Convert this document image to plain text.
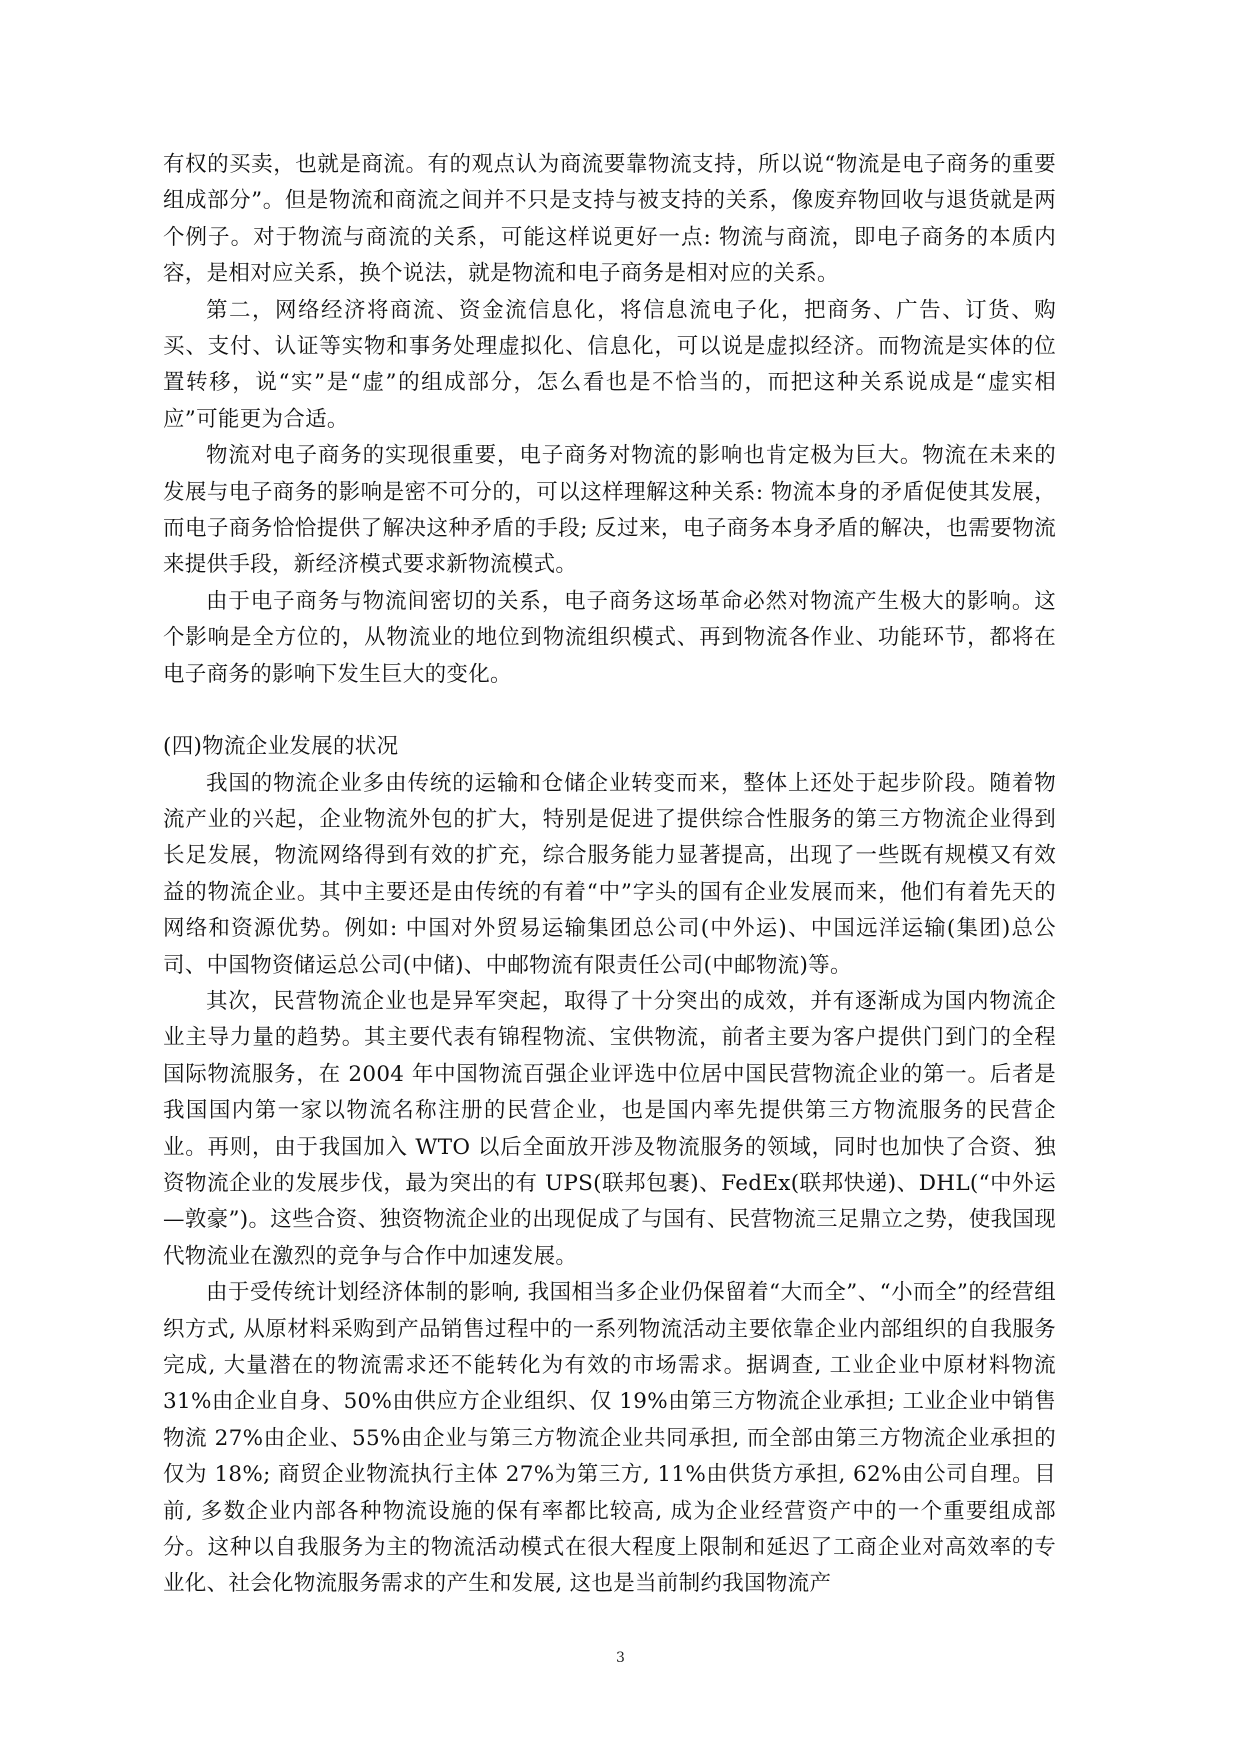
有权的买卖，也就是商流。有的观点认为商流要靠物流支持，所以说“物流是电子商务的重要组成部分”。但是物流和商流之间并不只是支持与被支持的关系，像废弃物回收与退货就是两个例子。对于物流与商流的关系，可能这样说更好一点: 物流与商流，即电子商务的本质内容，是相对应关系，换个说法，就是物流和电子商务是相对应的关系。

第二，网络经济将商流、资金流信息化，将信息流电子化，把商务、广告、订货、购买、支付、认证等实物和事务处理虚拟化、信息化，可以说是虚拟经济。而物流是实体的位置转移，说“实”是“虚”的组成部分，怎么看也是不恰当的，而把这种关系说成是“虚实相应”可能更为合适。

物流对电子商务的实现很重要，电子商务对物流的影响也肯定极为巨大。物流在未来的发展与电子商务的影响是密不可分的，可以这样理解这种关系: 物流本身的矛盾促使其发展，而电子商务恰恰提供了解决这种矛盾的手段; 反过来，电子商务本身矛盾的解决，也需要物流来提供手段，新经济模式要求新物流模式。

由于电子商务与物流间密切的关系，电子商务这场革命必然对物流产生极大的影响。这个影响是全方位的，从物流业的地位到物流组织模式、再到物流各作业、功能环节，都将在电子商务的影响下发生巨大的变化。

(四)物流企业发展的状况

我国的物流企业多由传统的运输和仓储企业转变而来，整体上还处于起步阶段。随着物流产业的兴起，企业物流外包的扩大，特别是促进了提供综合性服务的第三方物流企业得到长足发展，物流网络得到有效的扩充，综合服务能力显著提高，出现了一些既有规模又有效益的物流企业。其中主要还是由传统的有着“中”字头的国有企业发展而来，他们有着先天的网络和资源优势。例如: 中国对外贸易运输集团总公司(中外运)、中国远洋运输(集团)总公司、中国物资储运总公司(中储)、中邮物流有限责任公司(中邮物流)等。

其次，民营物流企业也是异军突起，取得了十分突出的成效，并有逐渐成为国内物流企业主导力量的趋势。其主要代表有锦程物流、宝供物流，前者主要为客户提供门到门的全程国际物流服务，在 2004 年中国物流百强企业评选中位居中国民营物流企业的第一。后者是我国国内第一家以物流名称注册的民营企业，也是国内率先提供第三方物流服务的民营企业。再则，由于我国加入 WTO 以后全面放开涉及物流服务的领域，同时也加快了合资、独资物流企业的发展步伐，最为突出的有 UPS(联邦包裹)、FedEx(联邦快递)、DHL(“中外运—敦豪”)。这些合资、独资物流企业的出现促成了与国有、民营物流三足鼎立之势，使我国现代物流业在激烈的竞争与合作中加速发展。

由于受传统计划经济体制的影响, 我国相当多企业仍保留着“大而全”、“小而全”的经营组织方式, 从原材料采购到产品销售过程中的一系列物流活动主要依靠企业内部组织的自我服务完成, 大量潜在的物流需求还不能转化为有效的市场需求。据调查, 工业企业中原材料物流 31%由企业自身、50%由供应方企业组织、仅 19%由第三方物流企业承担; 工业企业中销售物流 27%由企业、55%由企业与第三方物流企业共同承担, 而全部由第三方物流企业承担的仅为 18%; 商贸企业物流执行主体 27%为第三方, 11%由供货方承担, 62%由公司自理。目前, 多数企业内部各种物流设施的保有率都比较高, 成为企业经营资产中的一个重要组成部分。这种以自我服务为主的物流活动模式在很大程度上限制和延迟了工商企业对高效率的专业化、社会化物流服务需求的产生和发展, 这也是当前制约我国物流产

3
